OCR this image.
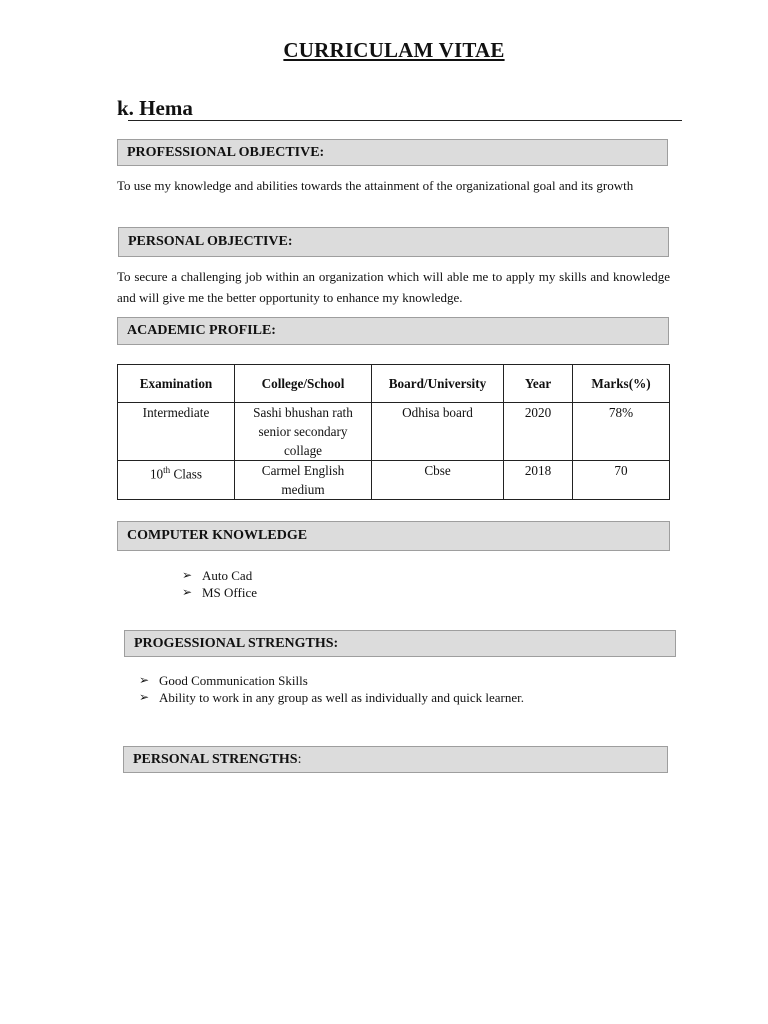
CURRICULAM VITAE
k. Hema
PROFESSIONAL OBJECTIVE:
To use my knowledge and abilities towards the attainment of the organizational goal and its growth
PERSONAL OBJECTIVE:
To secure a challenging job within an organization which will able me to apply my skills and knowledge and will give me the better opportunity to enhance my knowledge.
ACADEMIC PROFILE:
Examination	College/School	Board/University	Year	Marks(%)
Intermediate	Sashi bhushan rath
senior secondary
collage	Odhisa board	2020	78%
10th Class	Carmel English
medium	Cbse	2018	70
COMPUTER KNOWLEDGE
➢ Auto Cad
➢ MS Office
PROGESSIONAL STRENGTHS:
➢ Good Communication Skills
➢ Ability to work in any group as well as individually and quick learner.
PERSONAL STRENGTHS :
